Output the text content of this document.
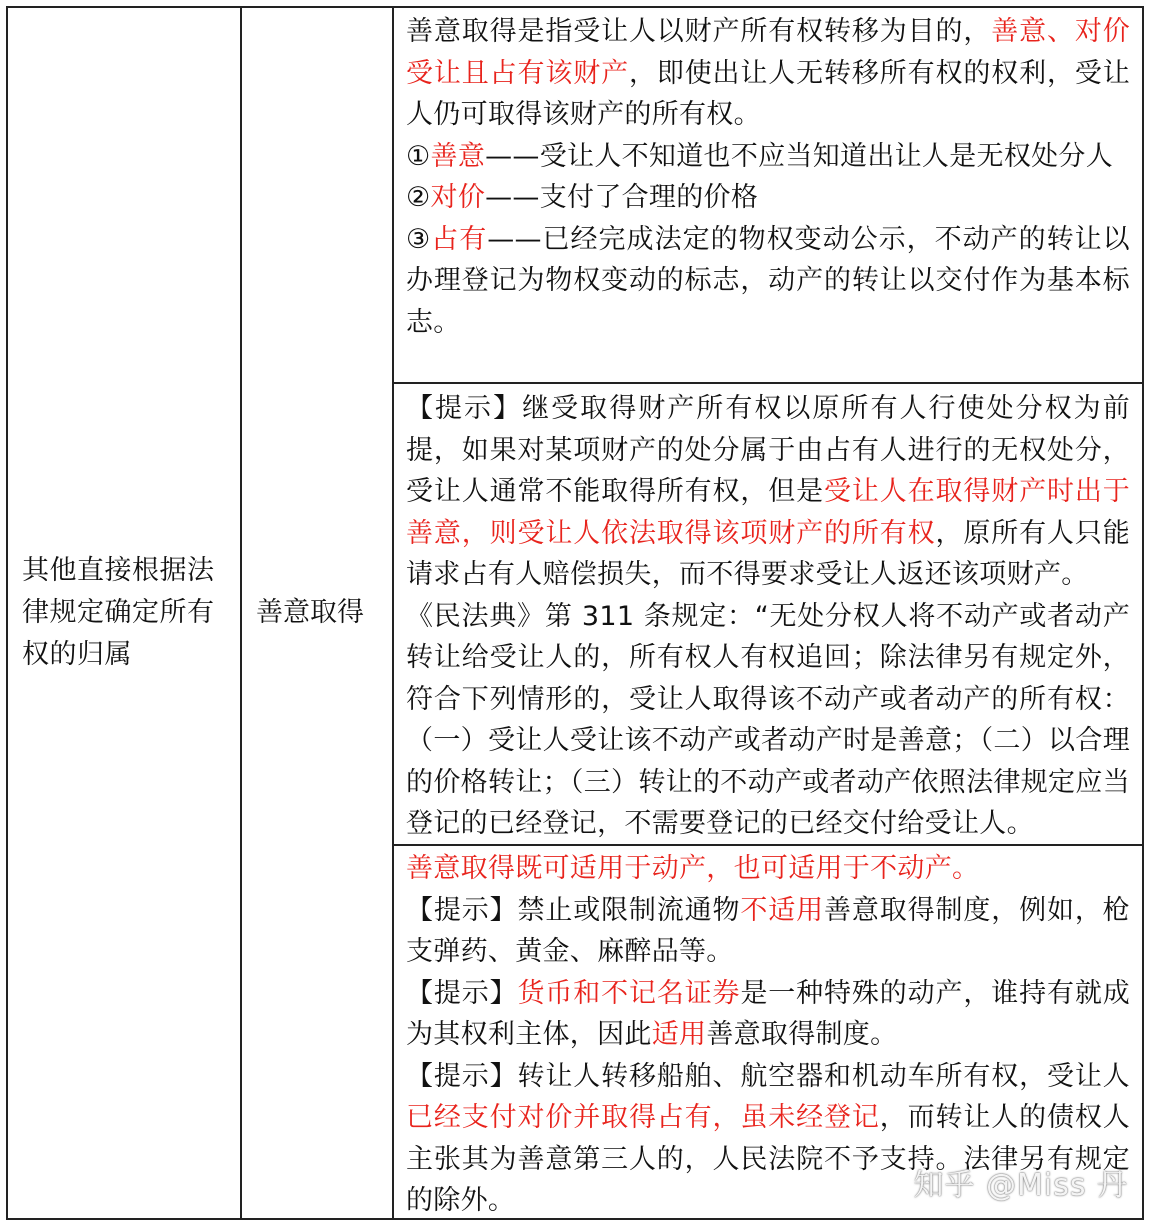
其他直接根据法律规定确定所有权的归属
善意取得

善意取得是指受让人以财产所有权转移为目的，善意、对价受让且占有该财产，即使出让人无转移所有权的权利，受让人仍可取得该财产的所有权。

①善意——受让人不知道也不应当知道出让人是无权处分人

②对价——支付了合理的价格

③占有——已经完成法定的物权变动公示，不动产的转让以办理登记为物权变动的标志，动产的转让以交付作为基本标志。

【提示】继受取得财产所有权以原所有人行使处分权为前提，如果对某项财产的处分属于由占有人进行的无权处分，受让人通常不能取得所有权，但是受让人在取得财产时出于善意，则受让人依法取得该项财产的所有权，原所有人只能请求占有人赔偿损失，而不得要求受让人返还该项财产。

《民法典》第 311 条规定：“无处分权人将不动产或者动产转让给受让人的，所有权人有权追回；除法律另有规定外，符合下列情形的，受让人取得该不动产或者动产的所有权：（一）受让人受让该不动产或者动产时是善意；（二）以合理的价格转让；（三）转让的不动产或者动产依照法律规定应当登记的已经登记，不需要登记的已经交付给受让人。

善意取得既可适用于动产，也可适用于不动产。

【提示】禁止或限制流通物不适用善意取得制度，例如，枪支弹药、黄金、麻醉品等。

【提示】货币和不记名证券是一种特殊的动产，谁持有就成为其权利主体，因此适用善意取得制度。

【提示】转让人转移船舶、航空器和机动车所有权，受让人已经支付对价并取得占有，虽未经登记，而转让人的债权人主张其为善意第三人的，人民法院不予支持。法律另有规定的除外。	知乎 @Miss 丹
